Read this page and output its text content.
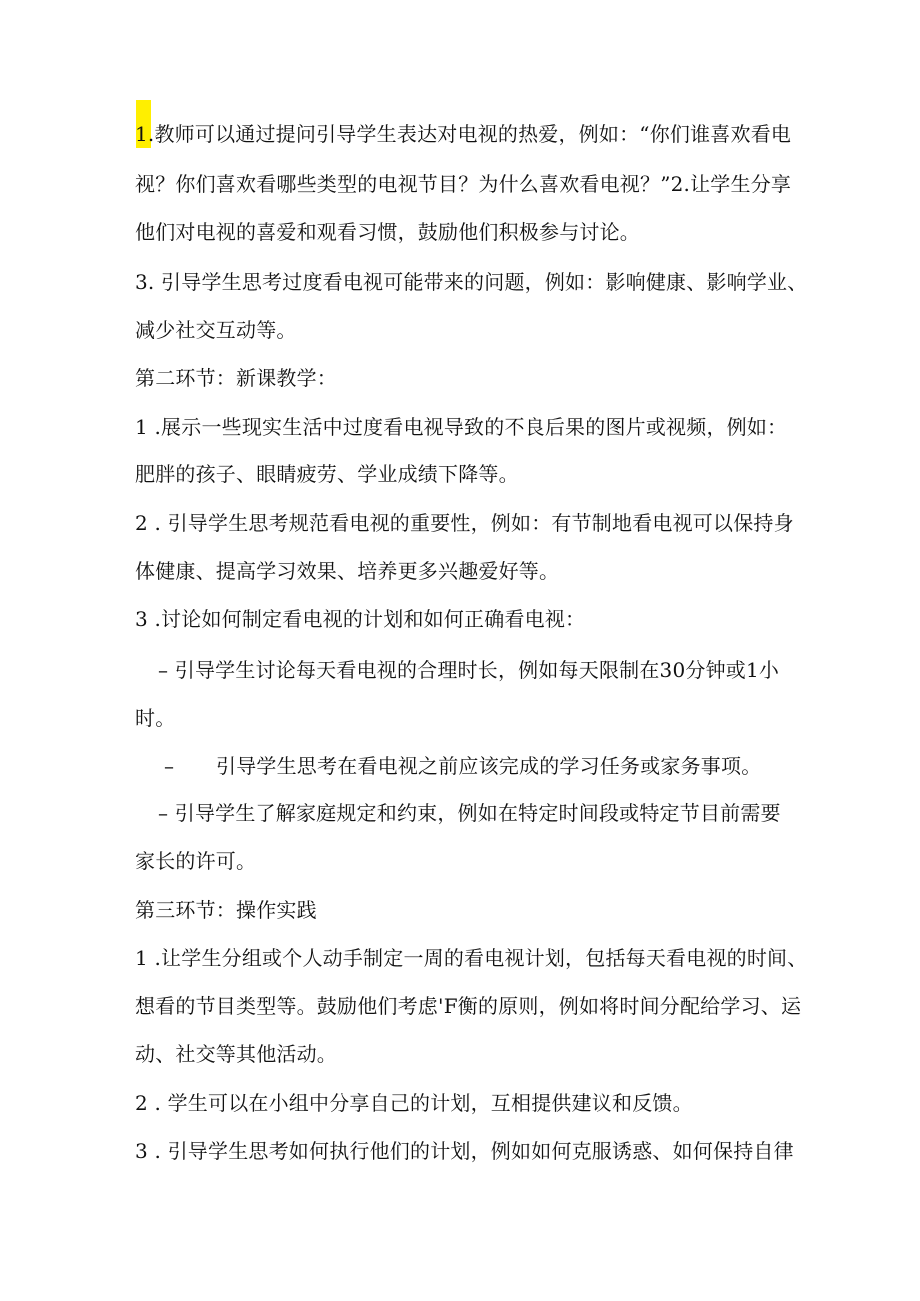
1.教师可以通过提问引导学生表达对电视的热爱，例如：“你们谁喜欢看电
视？你们喜欢看哪些类型的电视节目？为什么喜欢看电视？”2.让学生分享
他们对电视的喜爱和观看习惯，鼓励他们积极参与讨论。
3. 引导学生思考过度看电视可能带来的问题，例如：影响健康、影响学业、
减少社交互动等。
第二环节：新课教学：
1 .展示一些现实生活中过度看电视导致的不良后果的图片或视频，例如：
肥胖的孩子、眼睛疲劳、学业成绩下降等。
2 . 引导学生思考规范看电视的重要性，例如：有节制地看电视可以保持身
体健康、提高学习效果、培养更多兴趣爱好等。
3 .讨论如何制定看电视的计划和如何正确看电视：
– 引导学生讨论每天看电视的合理时长，例如每天限制在30分钟或1小
时。
– 引导学生思考在看电视之前应该完成的学习任务或家务事项。
– 引导学生了解家庭规定和约束，例如在特定时间段或特定节目前需要
家长的许可。
第三环节：操作实践
1 .让学生分组或个人动手制定一周的看电视计划，包括每天看电视的时间、
想看的节目类型等。鼓励他们考虑'F衡的原则，例如将时间分配给学习、运
动、社交等其他活动。
2 . 学生可以在小组中分享自己的计划，互相提供建议和反馈。
3 . 引导学生思考如何执行他们的计划，例如如何克服诱惑、如何保持自律
